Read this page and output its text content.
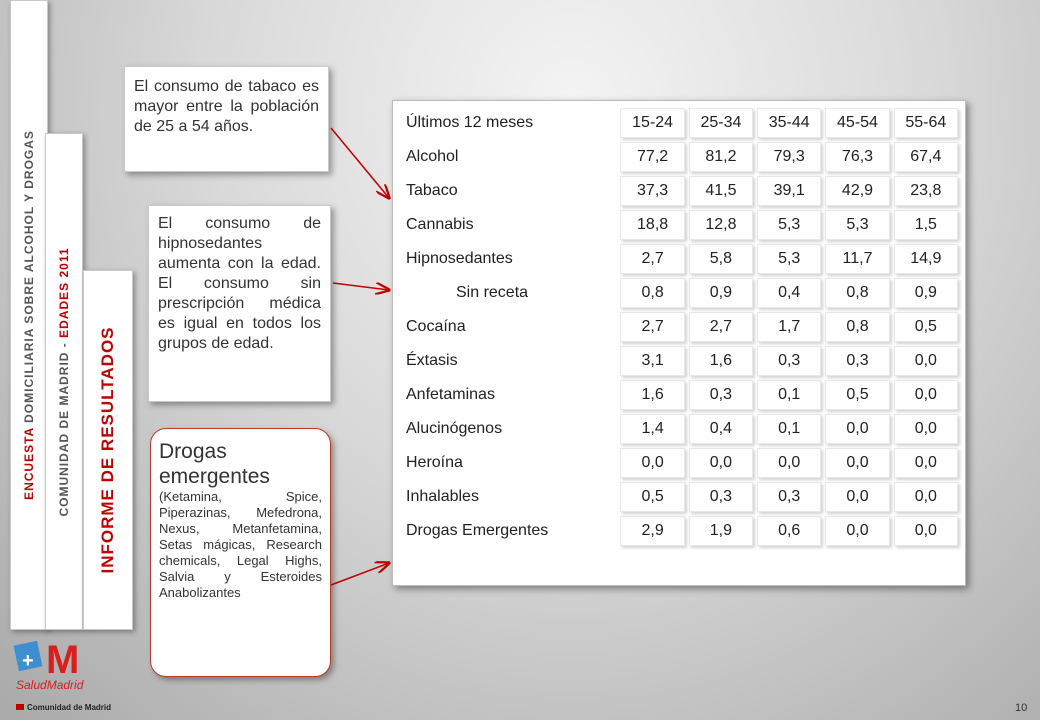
ENCUESTA DOMICILIARIA SOBRE ALCOHOL Y DROGAS
COMUNIDAD DE MADRID - EDADES 2011
INFORME DE RESULTADOS
El consumo de tabaco es mayor entre la población de 25 a 54 años.
El consumo de hipnosedantes aumenta con la edad. El consumo sin prescripción médica es igual en todos los grupos de edad.
Drogas emergentes
(Ketamina, Spice, Piperazinas, Mefedrona, Nexus, Metanfetamina, Setas mágicas, Research chemicals, Legal Highs, Salvia y Esteroides Anabolizantes
Últimos 12 meses	15-24	25-34	35-44	45-54	55-64
Alcohol	77,2	81,2	79,3	76,3	67,4
Tabaco	37,3	41,5	39,1	42,9	23,8
Cannabis	18,8	12,8	5,3	5,3	1,5
Hipnosedantes	2,7	5,8	5,3	11,7	14,9
Sin receta	0,8	0,9	0,4	0,8	0,9
Cocaína	2,7	2,7	1,7	0,8	0,5
Éxtasis	3,1	1,6	0,3	0,3	0,0
Anfetaminas	1,6	0,3	0,1	0,5	0,0
Alucinógenos	1,4	0,4	0,1	0,0	0,0
Heroína	0,0	0,0	0,0	0,0	0,0
Inhalables	0,5	0,3	0,3	0,0	0,0
Drogas Emergentes	2,9	1,9	0,6	0,0	0,0
+ M
SaludMadrid
Comunidad de Madrid	10
